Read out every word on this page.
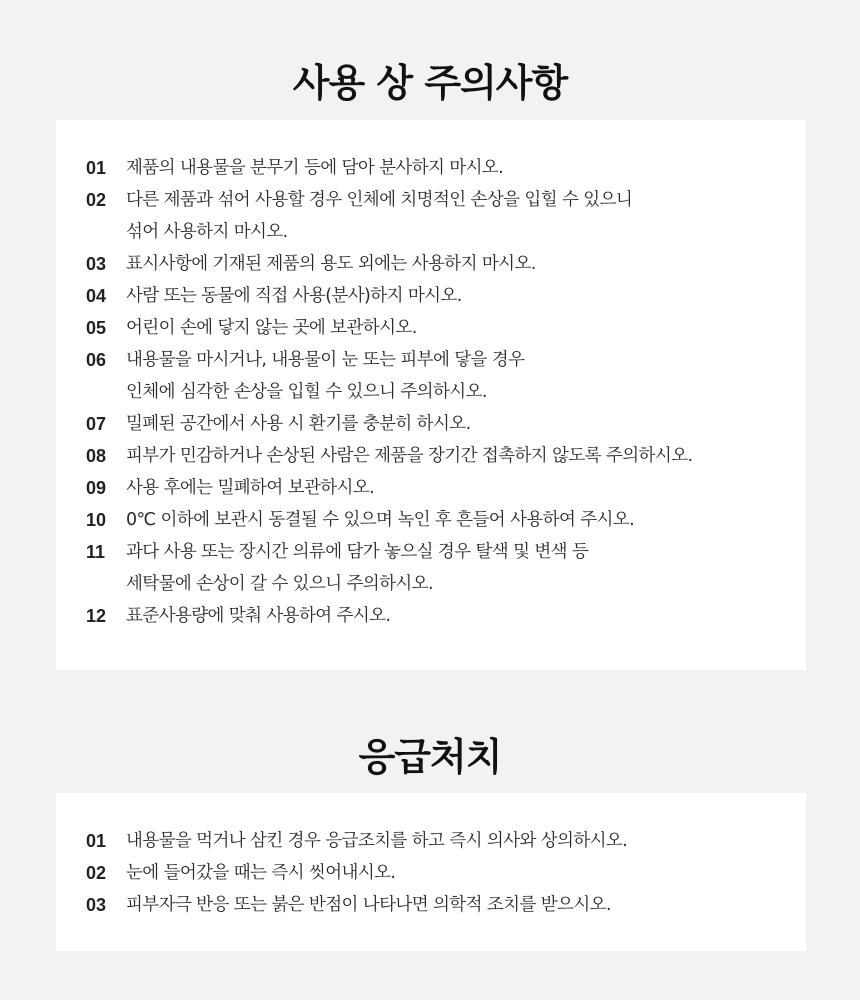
사용 상 주의사항
01	제품의 내용물을 분무기 등에 담아 분사하지 마시오.
02	다른 제품과 섞어 사용할 경우 인체에 치명적인 손상을 입힐 수 있으니
섞어 사용하지 마시오.
03	표시사항에 기재된 제품의 용도 외에는 사용하지 마시오.
04	사람 또는 동물에 직접 사용(분사)하지 마시오.
05	어린이 손에 닿지 않는 곳에 보관하시오.
06	내용물을 마시거나, 내용물이 눈 또는 피부에 닿을 경우
인체에 심각한 손상을 입힐 수 있으니 주의하시오.
07	밀폐된 공간에서 사용 시 환기를 충분히 하시오.
08	피부가 민감하거나 손상된 사람은 제품을 장기간 접촉하지 않도록 주의하시오.
09	사용 후에는 밀폐하여 보관하시오.
10	0℃ 이하에 보관시 동결될 수 있으며 녹인 후 흔들어 사용하여 주시오.
11	과다 사용 또는 장시간 의류에 담가 놓으실 경우 탈색 및 변색 등
세탁물에 손상이 갈 수 있으니 주의하시오.
12	표준사용량에 맞춰 사용하여 주시오.
응급처치
01	내용물을 먹거나 삼킨 경우 응급조치를 하고 즉시 의사와 상의하시오.
02	눈에 들어갔을 때는 즉시 씻어내시오.
03	피부자극 반응 또는 붉은 반점이 나타나면 의학적 조치를 받으시오.
